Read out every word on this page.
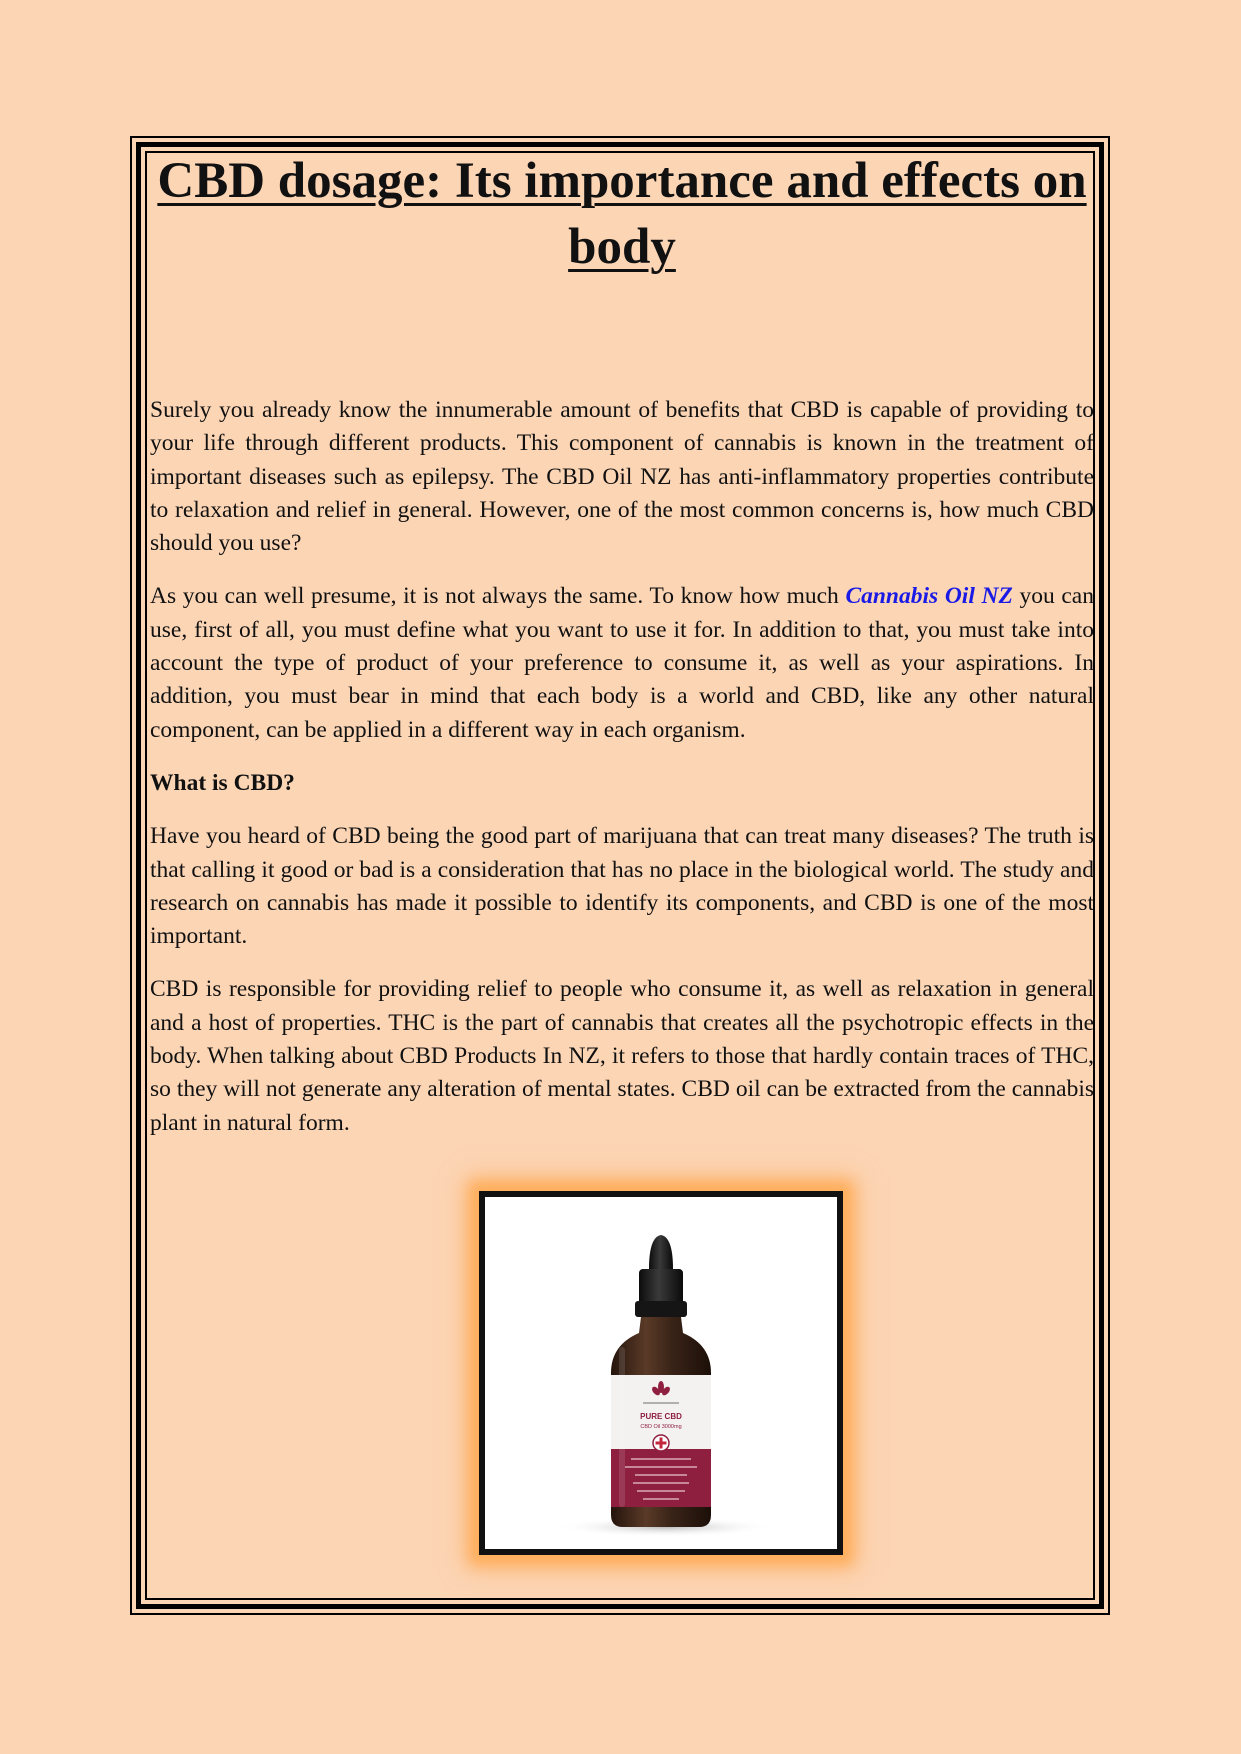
CBD dosage: Its importance and effects on body

Surely you already know the innumerable amount of benefits that CBD is capable of providing to your life through different products. This component of cannabis is known in the treatment of important diseases such as epilepsy. The CBD Oil NZ has anti-inflammatory properties contribute to relaxation and relief in general. However, one of the most common concerns is, how much CBD should you use?

As you can well presume, it is not always the same. To know how much Cannabis Oil NZ you can use, first of all, you must define what you want to use it for. In addition to that, you must take into account the type of product of your preference to consume it, as well as your aspirations. In addition, you must bear in mind that each body is a world and CBD, like any other natural component, can be applied in a different way in each organism.

What is CBD?

Have you heard of CBD being the good part of marijuana that can treat many diseases? The truth is that calling it good or bad is a consideration that has no place in the biological world. The study and research on cannabis has made it possible to identify its components, and CBD is one of the most important.

CBD is responsible for providing relief to people who consume it, as well as relaxation in general and a host of properties. THC is the part of cannabis that creates all the psychotropic effects in the body. When talking about CBD Products In NZ, it refers to those that hardly contain traces of THC, so they will not generate any alteration of mental states. CBD oil can be extracted from the cannabis plant in natural form.

PURE CBD
CBD Oil 3000mg
